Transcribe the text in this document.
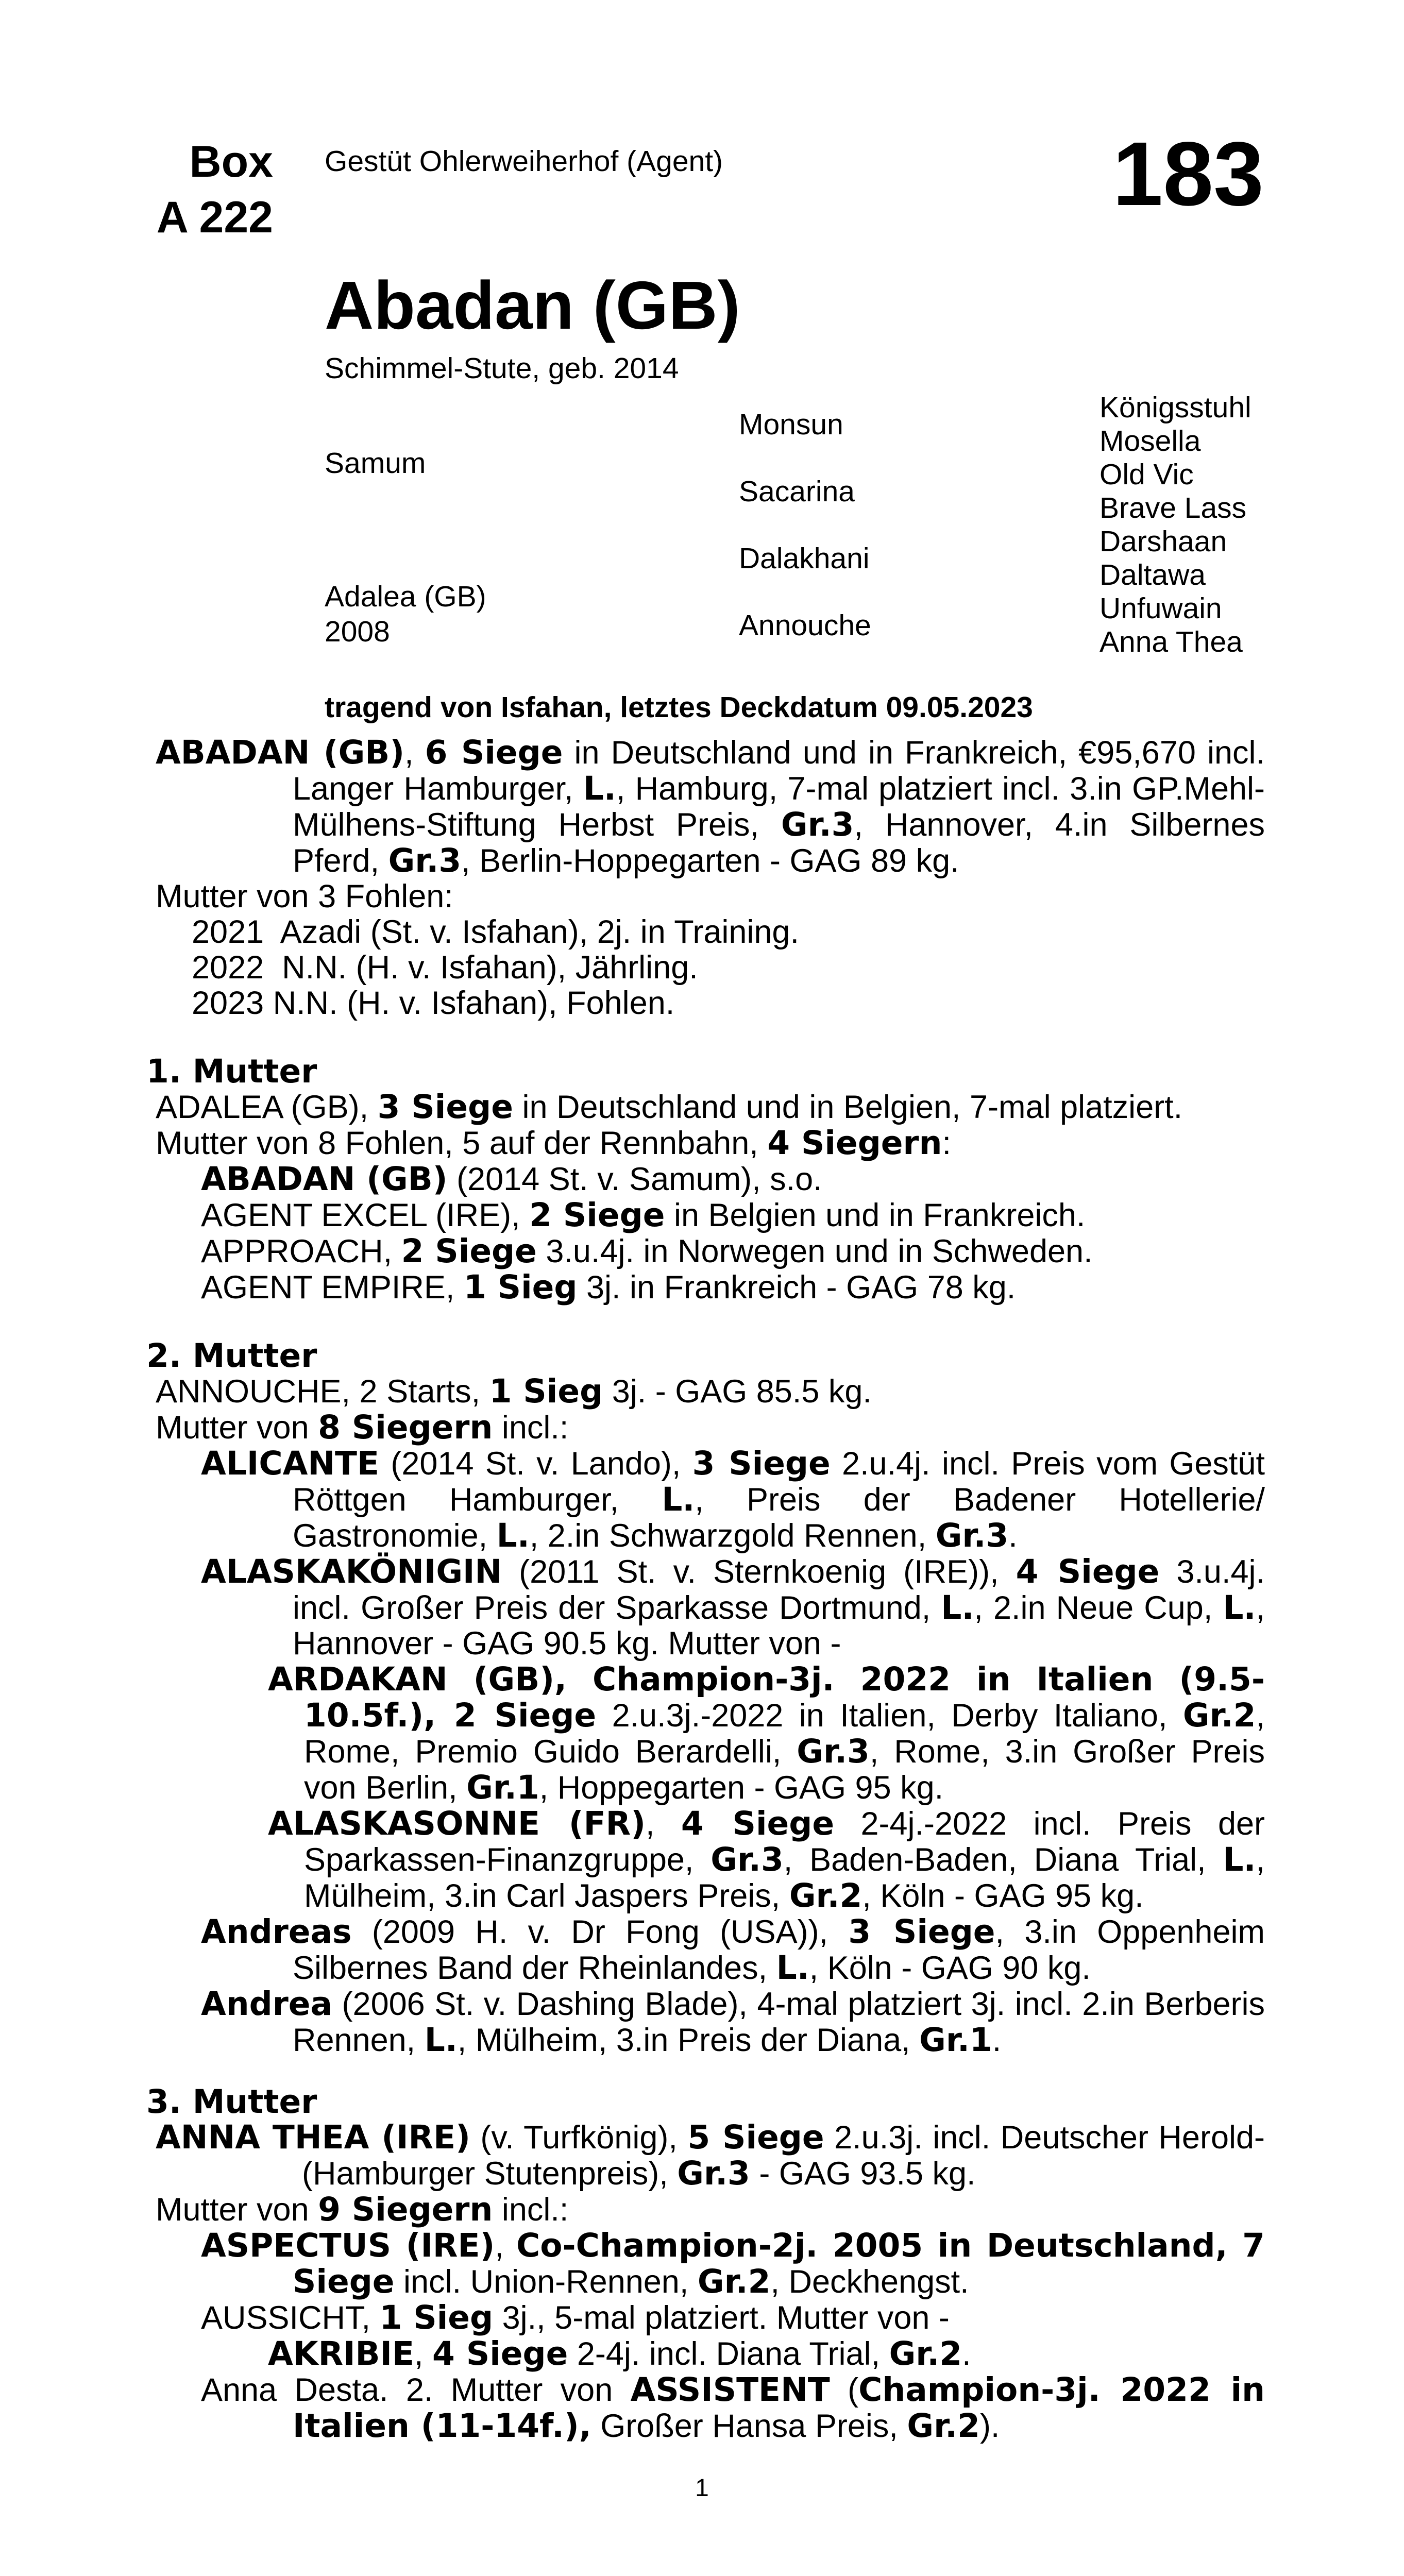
Box
A 222
Gestüt Ohlerweiherhof (Agent)	183
Abadan (GB)
Schimmel-Stute, geb. 2014
Samum
Adalea (GB)
2008
Monsun
Sacarina
Dalakhani
Annouche
Königsstuhl
Mosella
Old Vic
Brave Lass
Darshaan
Daltawa
Unfuwain
Anna Thea
tragend von Isfahan, letztes Deckdatum 09.05.2023

ABADAN (GB), 6 Siege in Deutschland und in Frankreich, €95,670 incl. Langer Hamburger, L., Hamburg, 7-mal platziert incl. 3.in GP.Mehl-Mülhens-Stiftung Herbst Preis, Gr.3, Hannover, 4.in Silbernes Pferd, Gr.3, Berlin-Hoppegarten - GAG 89 kg.

Mutter von 3 Fohlen:

2021  Azadi (St. v. Isfahan), 2j. in Training.

2022  N.N. (H. v. Isfahan), Jährling.

2023 N.N. (H. v. Isfahan), Fohlen.

1. Mutter

ADALEA (GB), 3 Siege in Deutschland und in Belgien, 7-mal platziert.

Mutter von 8 Fohlen, 5 auf der Rennbahn, 4 Siegern:

ABADAN (GB) (2014 St. v. Samum), s.o.

AGENT EXCEL (IRE), 2 Siege in Belgien und in Frankreich.

APPROACH, 2 Siege 3.u.4j. in Norwegen und in Schweden.

AGENT EMPIRE, 1 Sieg 3j. in Frankreich - GAG 78 kg.

2. Mutter

ANNOUCHE, 2 Starts, 1 Sieg 3j. - GAG 85.5 kg.

Mutter von 8 Siegern incl.:

ALICANTE (2014 St. v. Lando), 3 Siege 2.u.4j. incl. Preis vom Gestüt Röttgen Hamburger, L., Preis der Badener Hotellerie/ Gastronomie, L., 2.in Schwarzgold Rennen, Gr.3.

ALASKAKÖNIGIN (2011 St. v. Sternkoenig (IRE)), 4 Siege 3.u.4j. incl. Großer Preis der Sparkasse Dortmund, L., 2.in Neue Cup, L., Hannover - GAG 90.5 kg. Mutter von -

ARDAKAN (GB), Champion-3j. 2022 in Italien (9.5-10.5f.), 2 Siege 2.u.3j.-2022 in Italien, Derby Italiano, Gr.2, Rome, Premio Guido Berardelli, Gr.3, Rome, 3.in Großer Preis von Berlin, Gr.1, Hoppegarten - GAG 95 kg.

ALASKASONNE (FR), 4 Siege 2-4j.-2022 incl. Preis der Sparkassen-Finanzgruppe, Gr.3, Baden-Baden, Diana Trial, L., Mülheim, 3.in Carl Jaspers Preis, Gr.2, Köln - GAG 95 kg.

Andreas (2009 H. v. Dr Fong (USA)), 3 Siege, 3.in Oppenheim Silbernes Band der Rheinlandes, L., Köln - GAG 90 kg.

Andrea (2006 St. v. Dashing Blade), 4-mal platziert 3j. incl. 2.in Berberis Rennen, L., Mülheim, 3.in Preis der Diana, Gr.1.

3. Mutter

ANNA THEA (IRE) (v. Turfkönig), 5 Siege 2.u.3j. incl. Deutscher Herold-(Hamburger Stutenpreis), Gr.3 - GAG 93.5 kg.

Mutter von 9 Siegern incl.:

ASPECTUS (IRE), Co-Champion-2j. 2005 in Deutschland, 7 Siege incl. Union-Rennen, Gr.2, Deckhengst.

AUSSICHT, 1 Sieg 3j., 5-mal platziert. Mutter von -

AKRIBIE, 4 Siege 2-4j. incl. Diana Trial, Gr.2.

Anna Desta. 2. Mutter von ASSISTENT (Champion-3j. 2022 in Italien (11-14f.), Großer Hansa Preis, Gr.2).

1
